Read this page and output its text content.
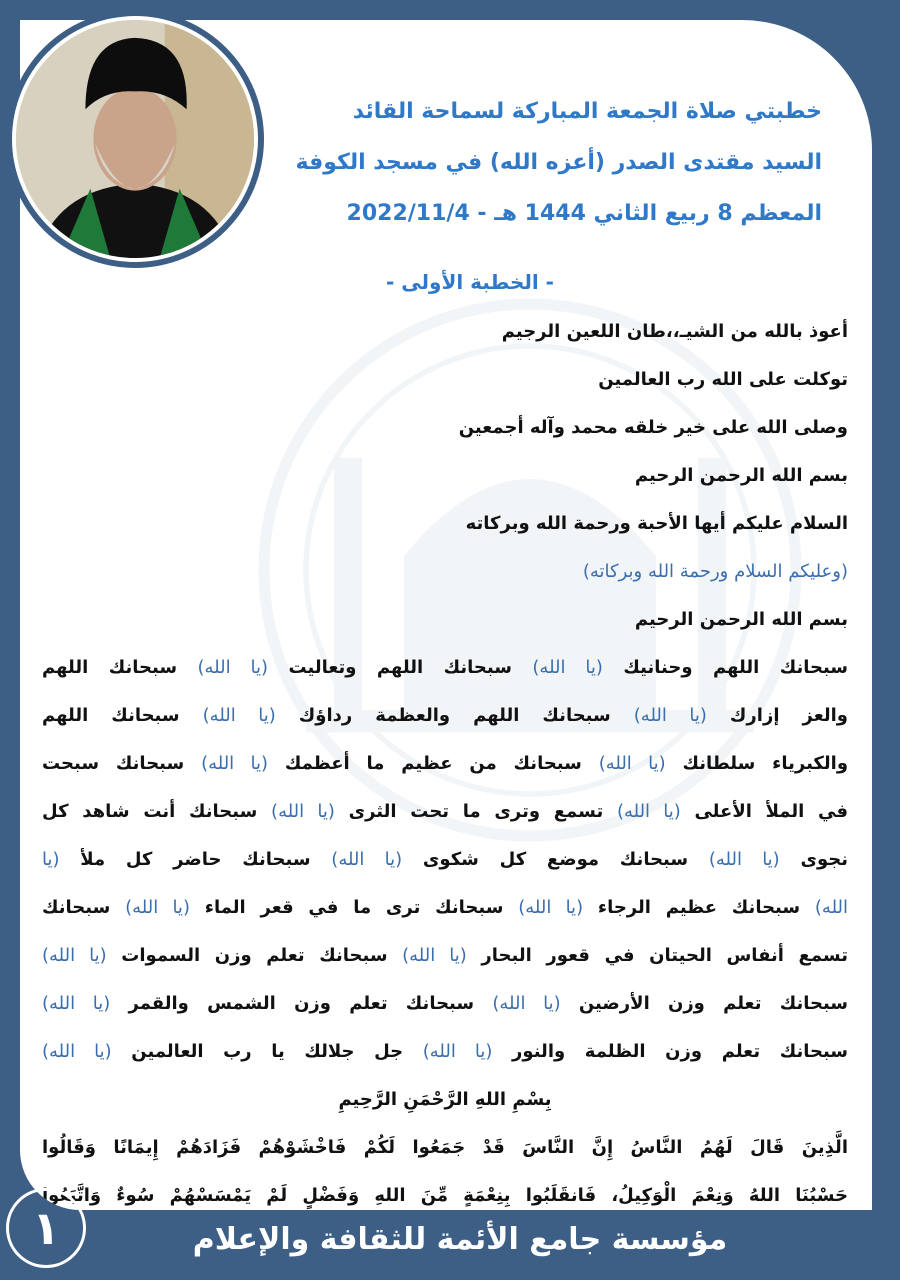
خطبتي صلاة الجمعة المباركة لسماحة القائد
السيد مقتدى الصدر (أعزه الله) في مسجد الكوفة
المعظم 8 ربيع الثاني 1444 هـ - 2022/11/4
- الخطبة الأولى -
أعوذ بالله من الشيـ،،طان اللعين الرجيم
توكلت على الله رب العالمين
وصلى الله على خير خلقه محمد وآله أجمعين
بسم الله الرحمن الرحيم
السلام عليكم أيها الأحبة ورحمة الله وبركاته
(وعليكم السلام ورحمة الله وبركاته)
بسم الله الرحمن الرحيم
سبحانك اللهم وحنانيك (يا الله) سبحانك اللهم وتعاليت (يا الله) سبحانك اللهم
والعز إزارك (يا الله) سبحانك اللهم والعظمة رداؤك (يا الله) سبحانك اللهم
والكبرياء سلطانك (يا الله) سبحانك من عظيم ما أعظمك (يا الله) سبحانك سبحت
في الملأ الأعلى (يا الله) تسمع وترى ما تحت الثرى (يا الله) سبحانك أنت شاهد كل
نجوى (يا الله) سبحانك موضع كل شكوى (يا الله) سبحانك حاضر كل ملأ (يا
الله) سبحانك عظيم الرجاء (يا الله) سبحانك ترى ما في قعر الماء (يا الله) سبحانك
تسمع أنفاس الحيتان في قعور البحار (يا الله) سبحانك تعلم وزن السموات (يا الله)
سبحانك تعلم وزن الأرضين (يا الله) سبحانك تعلم وزن الشمس والقمر (يا الله)
سبحانك تعلم وزن الظلمة والنور (يا الله) جل جلالك يا رب العالمين (يا الله)
بِسْمِ اللهِ الرَّحْمَنِ الرَّحِيمِ
الَّذِينَ قَالَ لَهُمُ النَّاسُ إِنَّ النَّاسَ قَدْ جَمَعُوا لَكُمْ فَاخْشَوْهُمْ فَزَادَهُمْ إِيمَانًا وَقَالُوا
حَسْبُنَا اللهُ وَنِعْمَ الْوَكِيلُ، فَانقَلَبُوا بِنِعْمَةٍ مِّنَ اللهِ وَفَضْلٍ لَمْ يَمْسَسْهُمْ سُوءٌ وَاتَّبَعُوا
١	مؤسسة جامع الأئمة للثقافة والإعلام
